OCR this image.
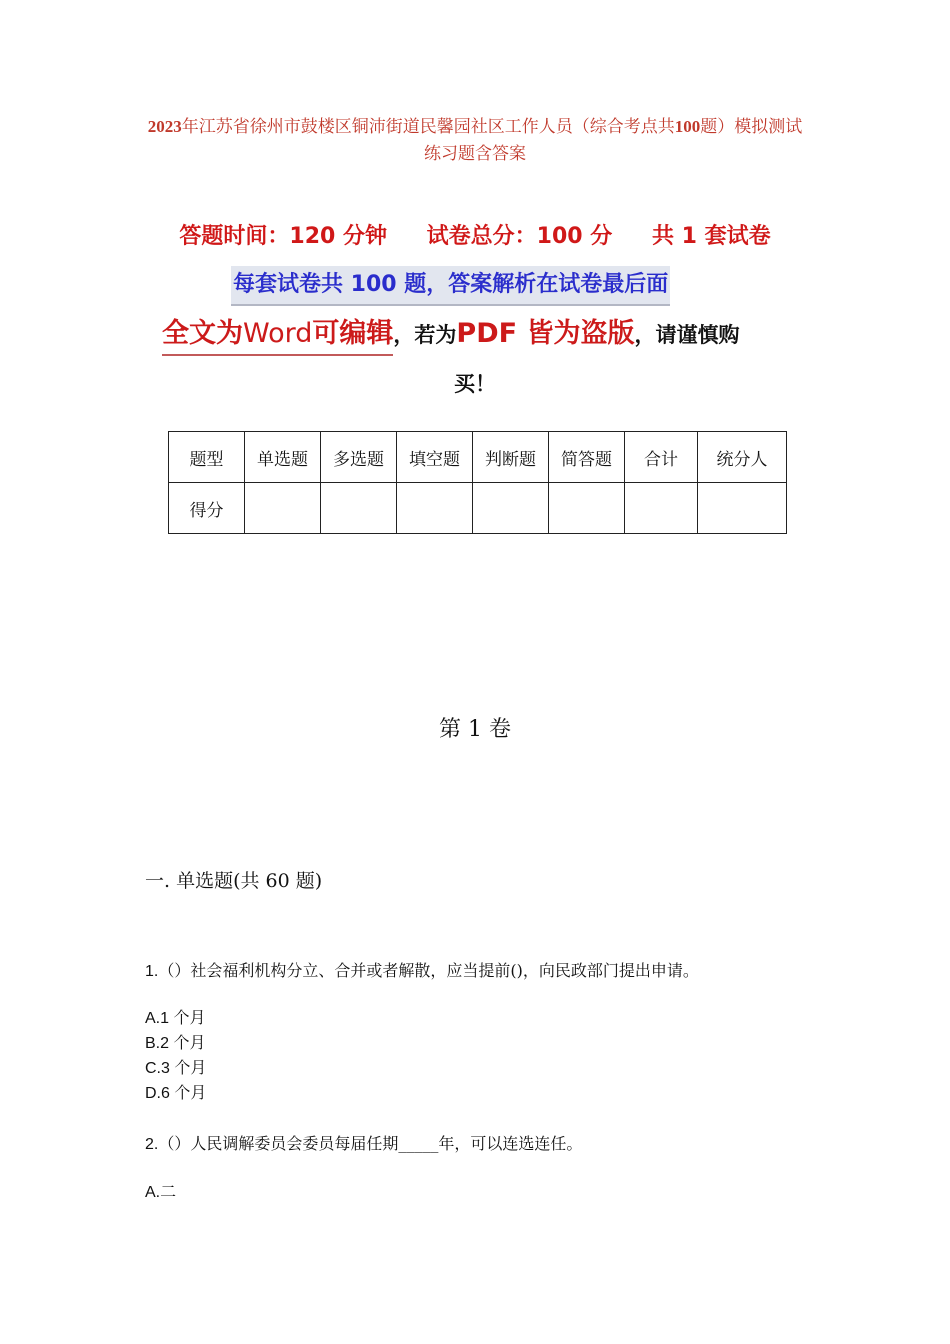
2023年江苏省徐州市鼓楼区铜沛街道民馨园社区工作人员（综合考点共100题）模拟测试练习题含答案
答题时间：120 分钟 试卷总分：100 分 共 1 套试卷
每套试卷共 100 题，答案解析在试卷最后面
全文为Word可编辑，若为PDF 皆为盗版，请谨慎购
买！
题型	单选题	多选题	填空题	判断题	简答题	合计	统分人
得分							
第 1 卷
一. 单选题(共 60 题)
1.（）社会福利机构分立、合并或者解散，应当提前()，向民政部门提出申请。
A.1 个月
B.2 个月
C.3 个月
D.6 个月
2.（）人民调解委员会委员每届任期_____年，可以连选连任。
A.二
